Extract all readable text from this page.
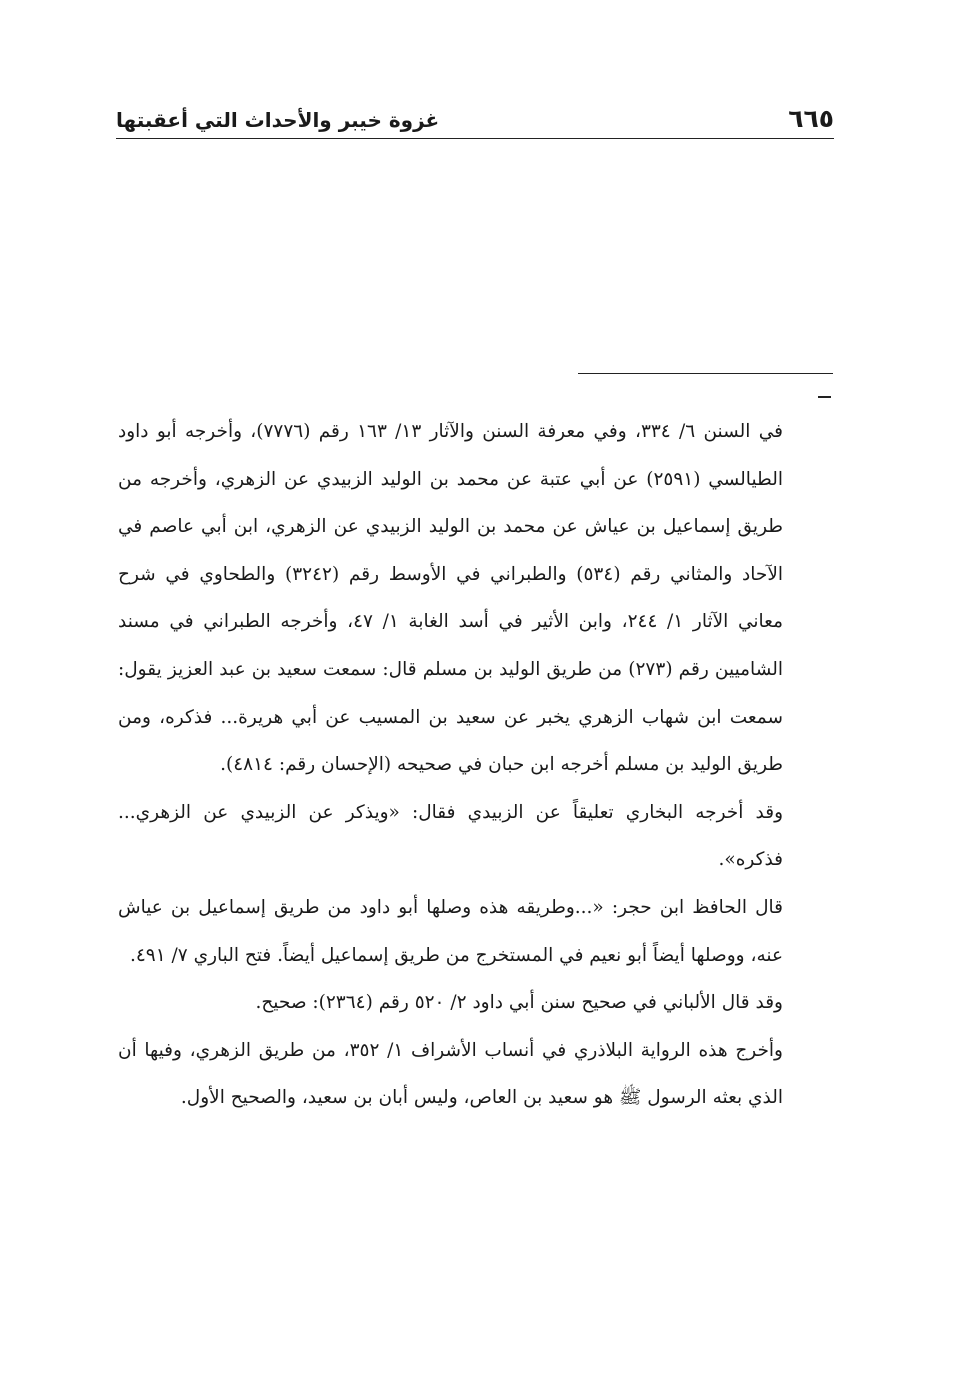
٦٦٥
غزوة خيبر والأحداث التي أعقبتها

في السنن ٦/ ٣٣٤، وفي معرفة السنن والآثار ١٣/ ١٦٣ رقم (٧٧٧٦)، وأخرجه أبو داود الطيالسي (٢٥٩١) عن أبي عتبة عن محمد بن الوليد الزبيدي عن الزهري، وأخرجه من طريق إسماعيل بن عياش عن محمد بن الوليد الزبيدي عن الزهري، ابن أبي عاصم في الآحاد والمثاني رقم (٥٣٤) والطبراني في الأوسط رقم (٣٢٤٢) والطحاوي في شرح معاني الآثار ١/ ٢٤٤، وابن الأثير في أسد الغابة ١/ ٤٧، وأخرجه الطبراني في مسند الشاميين رقم (٢٧٣) من طريق الوليد بن مسلم قال: سمعت سعيد بن عبد العزيز يقول: سمعت ابن شهاب الزهري يخبر عن سعيد بن المسيب عن أبي هريرة... فذكره، ومن طريق الوليد بن مسلم أخرجه ابن حبان في صحيحه (الإحسان رقم: ٤٨١٤).

وقد أخرجه البخاري تعليقاً عن الزبيدي فقال: «ويذكر عن الزبيدي عن الزهري... فذكره».

قال الحافظ ابن حجر: «...وطريقه هذه وصلها أبو داود من طريق إسماعيل بن عياش عنه، ووصلها أيضاً أبو نعيم في المستخرج من طريق إسماعيل أيضاً. فتح الباري ٧/ ٤٩١.

وقد قال الألباني في صحيح سنن أبي داود ٢/ ٥٢٠ رقم (٢٣٦٤): صحيح.

وأخرج هذه الرواية البلاذري في أنساب الأشراف ١/ ٣٥٢، من طريق الزهري، وفيها أن الذي بعثه الرسول ﷺ هو سعيد بن العاص، وليس أبان بن سعيد، والصحيح الأول.
